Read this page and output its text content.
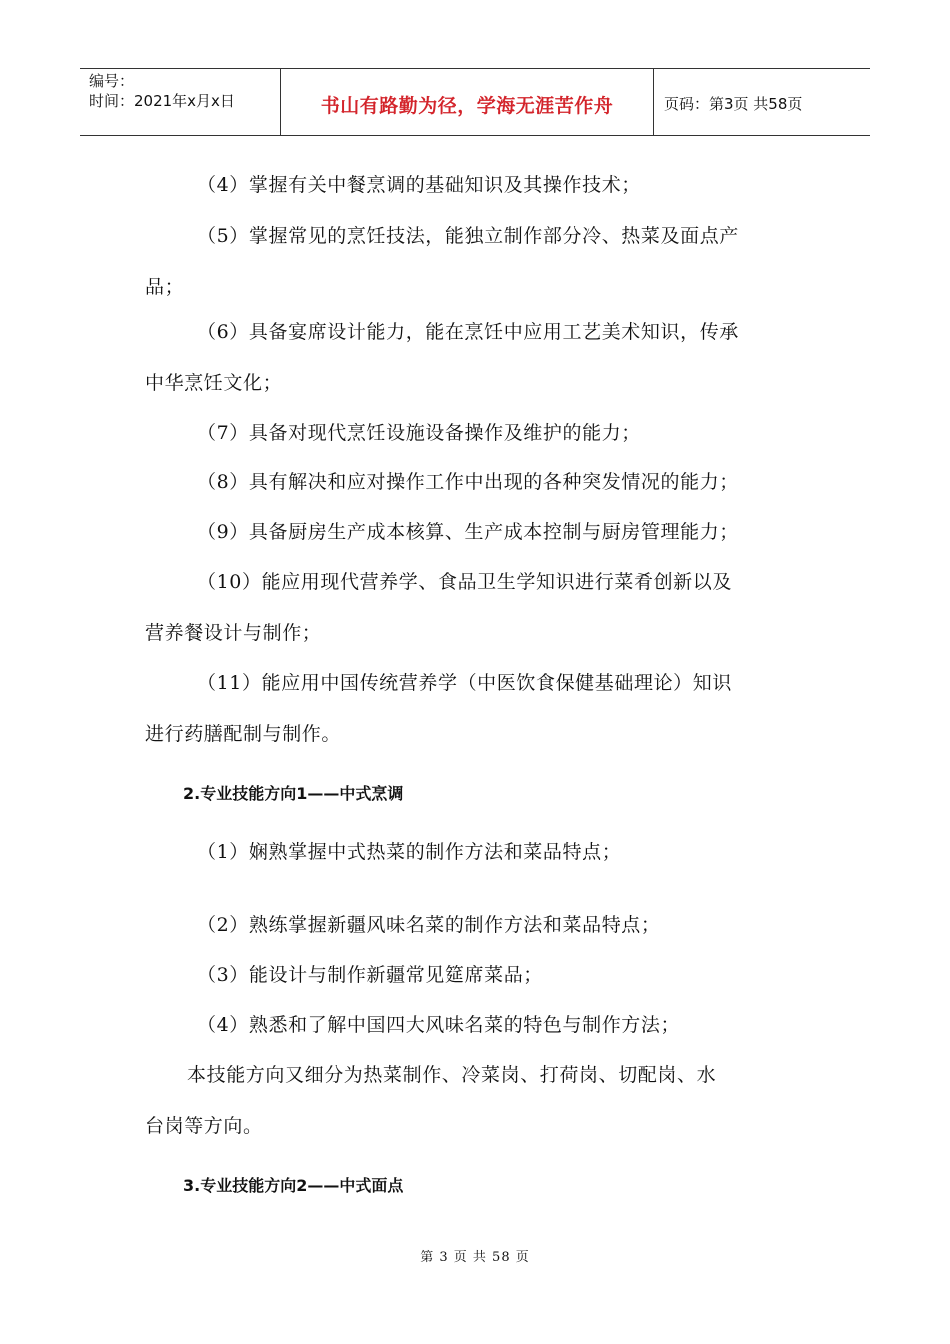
编号：
时间：2021年x月x日	书山有路勤为径，学海无涯苦作舟	页码：第3页 共58页
（4）掌握有关中餐烹调的基础知识及其操作技术；
（5）掌握常见的烹饪技法，能独立制作部分冷、热菜及面点产
品；
（6）具备宴席设计能力，能在烹饪中应用工艺美术知识，传承
中华烹饪文化；
（7）具备对现代烹饪设施设备操作及维护的能力；
（8）具有解决和应对操作工作中出现的各种突发情况的能力；
（9）具备厨房生产成本核算、生产成本控制与厨房管理能力；
（10）能应用现代营养学、食品卫生学知识进行菜肴创新以及
营养餐设计与制作；
（11）能应用中国传统营养学（中医饮食保健基础理论）知识
进行药膳配制与制作。
2.专业技能方向1——中式烹调
（1）娴熟掌握中式热菜的制作方法和菜品特点；
（2）熟练掌握新疆风味名菜的制作方法和菜品特点；
（3）能设计与制作新疆常见筵席菜品；
（4）熟悉和了解中国四大风味名菜的特色与制作方法；
本技能方向又细分为热菜制作、冷菜岗、打荷岗、切配岗、水
台岗等方向。
3.专业技能方向2——中式面点
第 3 页 共 58 页
